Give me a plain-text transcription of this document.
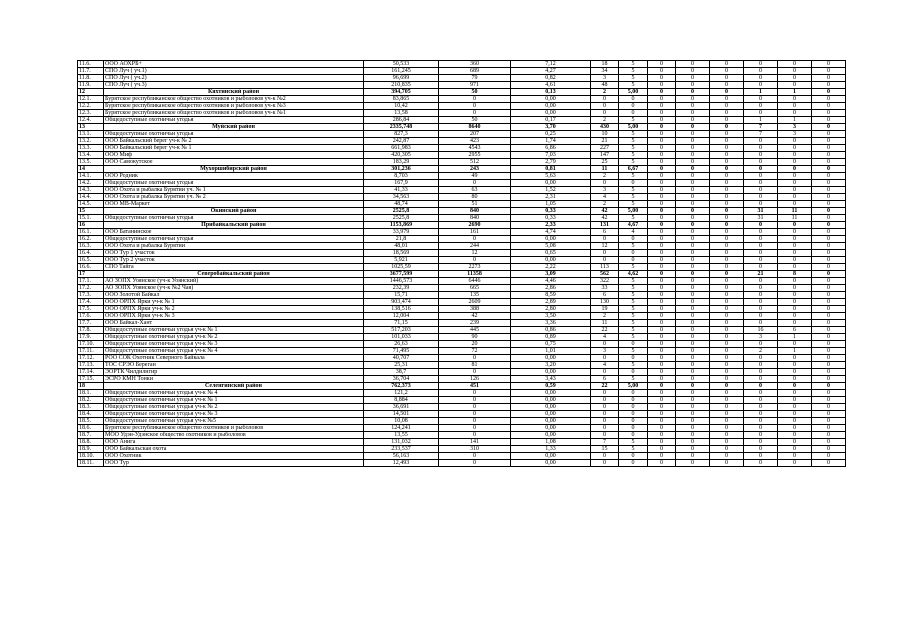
11.6.	ООО АОХРБ+	50,533	360	7,12	18	5	0	0	0	0	0	0
11.7.	СПО Луч ( уч.1)	161,245	689	4,27	34	5	0	0	0	0	0	0
11.8.	СПО Луч ( уч.2)	96,699	79	0,82	3	5	0	0	0	0	0	0
11.9.	СПО Луч ( уч.3)	210,835	971	4,61	48	5	0	0	0	0	0	0
12	Кяхтинский район	394,705	50	0,13	2	5,00	0	0	0	1	1	0
12.1.	Бурятское республиканское общество охотников и рыболовов уч-к №2	83,865	0	0,00	0	0	0	0	0	0	0	0
12.2.	Бурятское республиканское общество охотников и рыболовов уч-к №3	10,42	0	0,00	0	0	0	0	0	0	0	0
12.3.	Бурятское республиканское общество охотников и рыболовов уч-к №1	13,58	0	0,00	0	0	0	0	0	0	0	0
12.4.	Общедоступные охотничьи угодья	286,84	50	0,17	2	5	0	0	0	1	1	0
13	Муйский район	2335,748	8640	3,70	430	5,00	0	0	0	7	3	0
13.1.	Общедоступные охотничьи угодья	827,3	207	0,25	10	5	0	0	0	7	3	0
13.2.	ООО Байкальский берег уч-к № 2	242,87	423	1,74	21	5	0	0	0	0	0	0
13.3.	ООО Байкальский берег уч-к № 1	661,983	4543	6,86	227	5	0	0	0	0	0	0
13.4.	ООО Миф	420,305	2955	7,03	147	5	0	0	0	0	0	0
13.5.	ООО Самокутское	183,29	512	2,79	25	5	0	0	0	0	0	0
14	Мухоршибирский район	301,236	243	0,81	11	6,67	0	0	0	0	0	0
14.1.	ООО Родник	8,703	49	5,63	2	5	0	0	0	0	0	0
14.2.	Общедоступные охотничьи угодья	167,9	0	0,00	0	0	0	0	0	0	0	0
14.3.	ООО Охота и рыбалка Бурятии уч. № 1	41,33	63	1,52	3	5	0	0	0	0	0	0
14.4.	ООО Охота и рыбалка Бурятии уч. № 2	34,563	80	2,31	4	5	0	0	0	0	0	0
14.5.	ООО МВ-Маркет	48,74	51	1,05	2	5	0	0	0	0	0	0
15	Окинский район	2525,8	840	0,33	42	5,00	0	0	0	31	11	0
15.1.	Общедоступные охотничьи угодья	2525,8	840	0,33	42	5	0	0	0	31	11	0
16	Прибайкальский район	1153,869	2690	2,33	131	4,67	0	0	0	0	0	0
16.1.	ООО Батанинское	33,979	161	4,74	6	4	0	0	0	0	0	0
16.2.	Общедоступные охотничьи угодья	21,8	0	0,00	0	0	0	0	0	0	0	0
16.3.	ООО Охота и рыбалка Бурятии	48,01	244	5,08	12	5	0	0	0	0	0	0
16.4.	ООО Тур 1 участок	18,569	12	0,65	0	0	0	0	0	0	0	0
16.5.	ООО Тур 2 участок	5,921	0	0,00	0	0	0	0	0	0	0	0
16.6.	СПО Тайга	1025,59	2273	2,22	113	5	0	0	0	0	0	0
17	Северобайкальский район	3677,599	11358	3,09	562	4,62	0	0	0	21	8	0
17.1.	АО ЗОПХ Уоянское (уч-к Уоянский)	1446,573	6446	4,46	322	5	0	0	0	0	0	0
17.2.	АО ЗОПХ Уоянское (уч-к №2 Чая)	232,39	665	2,86	33	5	0	0	0	0	0	0
17.3.	ООО Золотой Байкал	15,71	135	8,59	6	5	0	0	0	0	0	0
17.4.	ООО ОРПХ Ярки уч-к № 1	903,474	2609	2,89	130	5	0	0	0	0	0	0
17.5.	ООО ОРПХ Ярки уч-к № 2	138,516	388	2,80	19	5	0	0	0	0	0	0
17.6.	ООО ОРПХ Ярки уч-к № 3	12,004	42	3,50	2	5	0	0	0	0	0	0
17.7.	ООО Байкал-Хант	71,15	239	3,36	11	5	0	0	0	0	0	0
17.8.	Общедоступные охотничьи угодья уч-к № 1	517,203	445	0,86	22	5	0	0	0	16	6	0
17.9.	Общедоступные охотничьи угодья уч-к № 2	101,033	90	0,89	4	5	0	0	0	3	1	0
17.10.	Общедоступные охотничьи угодья уч-к № 3	26,63	20	0,75	0	0	0	0	0	0	0	0
17.11.	Общедоступные охотничьи угодья уч-к № 4	71,495	72	1,01	3	5	0	0	0	2	1	0
17.12.	РОО СОК Охотник Северного Байкала	40,707	0	0,00	0	0	0	0	0	0	0	0
17.13.	ТОС СРЭО Береган	25,31	81	3,20	4	5	0	0	0	0	0	0
17.14.	ЭОРТК Чилдилнгир	38,7	0	0,00	0	0	0	0	0	0	0	0
17.15.	ЭСРО КМН Тонки	36,704	126	3,43	6	5	0	0	0	0	0	0
18	Селенгинский район	762,373	451	0,59	22	5,00	0	0	0	0	0	0
18.1.	Общедоступные охотничьи угодья уч-к № 4	121,2	0	0,00	0	0	0	0	0	0	0	0
18.2.	Общедоступные охотничьи угодья уч-к № 1	8,884	0	0,00	0	0	0	0	0	0	0	0
18.3.	Общедоступные охотничьи угодья уч-к № 2	36,691	0	0,00	0	0	0	0	0	0	0	0
18.4.	Общедоступные охотничьи угодья уч-к № 3	14,501	0	0,00	0	0	0	0	0	0	0	0
18.5.	Общедоступные охотничьи угодья уч-к №5	10,08	0	0,00	0	0	0	0	0	0	0	0
18.6.	Бурятское республиканское общество охотников и рыболовов	124,241	0	0,00	0	0	0	0	0	0	0	0
18.7.	МОО Удэн-Удэнское общество охотников и рыболовов	13,55	0	0,00	0	0	0	0	0	0	0	0
18.8.	ООО Анига	131,032	141	1,08	7	5	0	0	0	0	0	0
18.9.	ООО Байкальская охота	233,537	310	1,33	15	5	0	0	0	0	0	0
18.10.	ООО Охотник	56,163	0	0,00	0	0	0	0	0	0	0	0
18.11.	ООО Тур	12,493	0	0,00	0	0	0	0	0	0	0	0
